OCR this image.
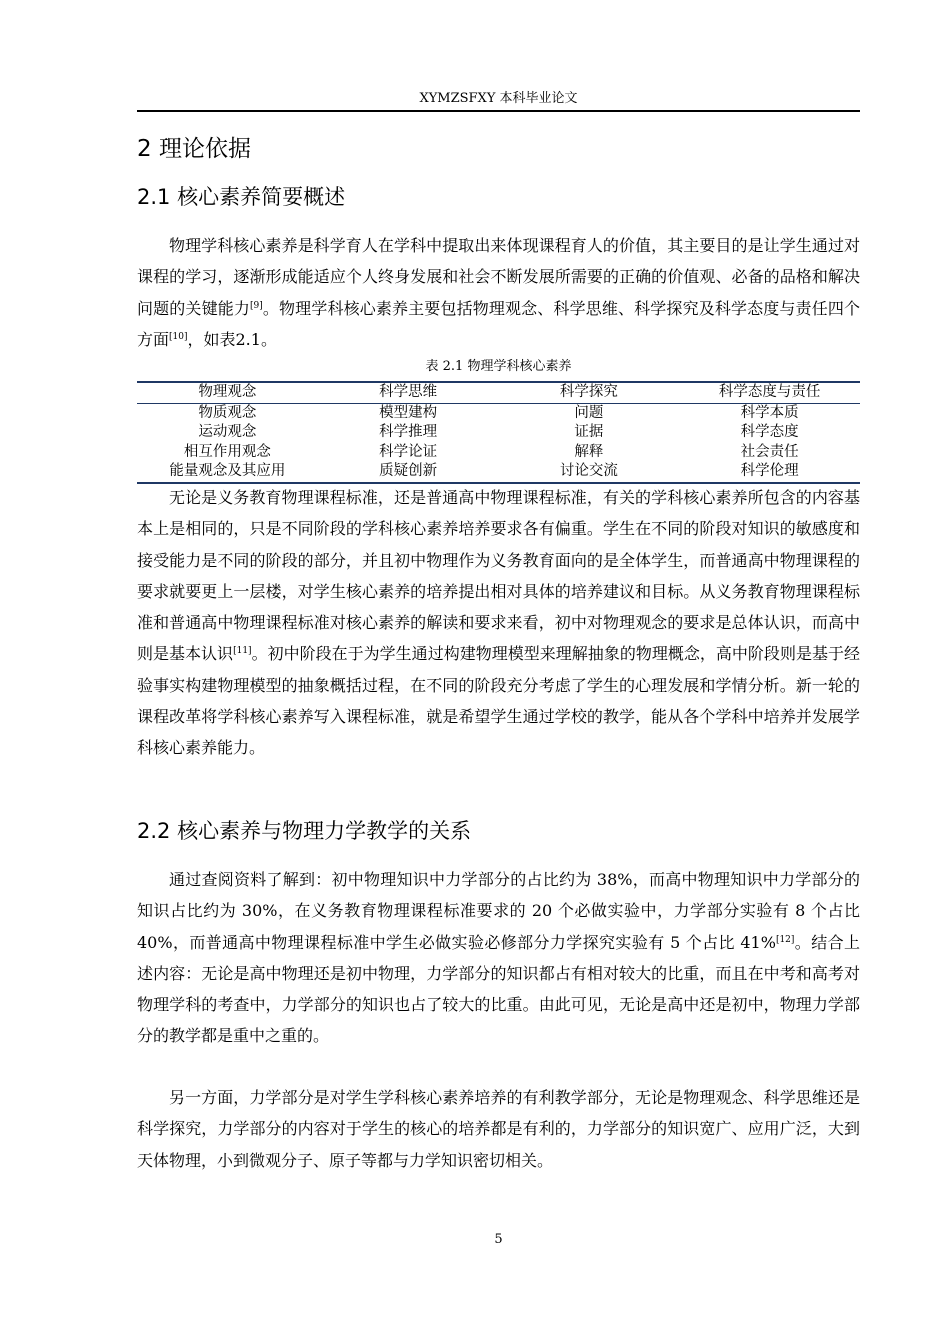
XYMZSFXY 本科毕业论文
2 理论依据
2.1 核心素养简要概述
物理学科核心素养是科学育人在学科中提取出来体现课程育人的价值，其主要目的是让学生通过对课程的学习，逐渐形成能适应个人终身发展和社会不断发展所需要的正确的价值观、必备的品格和解决问题的关键能力[9]。物理学科核心素养主要包括物理观念、科学思维、科学探究及科学态度与责任四个方面[10]，如表2.1。
表 2.1 物理学科核心素养
物理观念	科学思维	科学探究	科学态度与责任
物质观念	模型建构	问题	科学本质
运动观念	科学推理	证据	科学态度
相互作用观念	科学论证	解释	社会责任
能量观念及其应用	质疑创新	讨论交流	科学伦理
无论是义务教育物理课程标准，还是普通高中物理课程标准，有关的学科核心素养所包含的内容基本上是相同的，只是不同阶段的学科核心素养培养要求各有偏重。学生在不同的阶段对知识的敏感度和接受能力是不同的阶段的部分，并且初中物理作为义务教育面向的是全体学生，而普通高中物理课程的要求就要更上一层楼，对学生核心素养的培养提出相对具体的培养建议和目标。从义务教育物理课程标准和普通高中物理课程标准对核心素养的解读和要求来看，初中对物理观念的要求是总体认识，而高中则是基本认识[11]。初中阶段在于为学生通过构建物理模型来理解抽象的物理概念，高中阶段则是基于经验事实构建物理模型的抽象概括过程，在不同的阶段充分考虑了学生的心理发展和学情分析。新一轮的课程改革将学科核心素养写入课程标准，就是希望学生通过学校的教学，能从各个学科中培养并发展学科核心素养能力。
2.2 核心素养与物理力学教学的关系
通过查阅资料了解到：初中物理知识中力学部分的占比约为 38%，而高中物理知识中力学部分的知识占比约为 30%，在义务教育物理课程标准要求的 20 个必做实验中，力学部分实验有 8 个占比 40%，而普通高中物理课程标准中学生必做实验必修部分力学探究实验有 5 个占比 41%[12]。结合上述内容：无论是高中物理还是初中物理，力学部分的知识都占有相对较大的比重，而且在中考和高考对物理学科的考查中，力学部分的知识也占了较大的比重。由此可见，无论是高中还是初中，物理力学部分的教学都是重中之重的。
另一方面，力学部分是对学生学科核心素养培养的有利教学部分，无论是物理观念、科学思维还是科学探究，力学部分的内容对于学生的核心的培养都是有利的，力学部分的知识宽广、应用广泛，大到天体物理，小到微观分子、原子等都与力学知识密切相关。
5
